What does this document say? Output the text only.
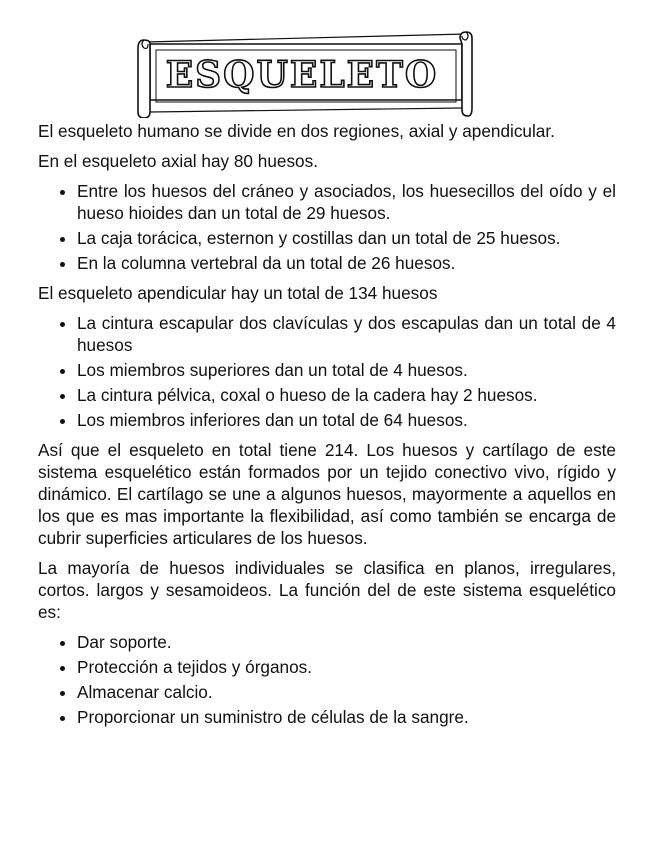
ESQUELETO

El esqueleto humano se divide en dos regiones, axial y apendicular.

En el esqueleto axial hay 80 huesos.

• Entre los huesos del cráneo y asociados, los huesecillos del oído y el hueso hioides dan un total de 29 huesos.
• La caja torácica, esternon y costillas dan un total de 25 huesos.
• En la columna vertebral da un total de 26 huesos.

El esqueleto apendicular hay un total de 134 huesos

• La cintura escapular dos clavículas y dos escapulas dan un total de 4 huesos
• Los miembros superiores dan un total de 4 huesos.
• La cintura pélvica, coxal o hueso de la cadera hay 2 huesos.
• Los miembros inferiores dan un total de 64 huesos.

Así que el esqueleto en total tiene 214. Los huesos y cartílago de este sistema esquelético están formados por un tejido conectivo vivo, rígido y dinámico. El cartílago se une a algunos huesos, mayormente a aquellos en los que es mas importante la flexibilidad, así como también se encarga de cubrir superficies articulares de los huesos.

La mayoría de huesos individuales se clasifica en planos, irregulares, cortos. largos y sesamoideos. La función del de este sistema esquelético es:

• Dar soporte.
• Protección a tejidos y órganos.
• Almacenar calcio.
• Proporcionar un suministro de células de la sangre.
